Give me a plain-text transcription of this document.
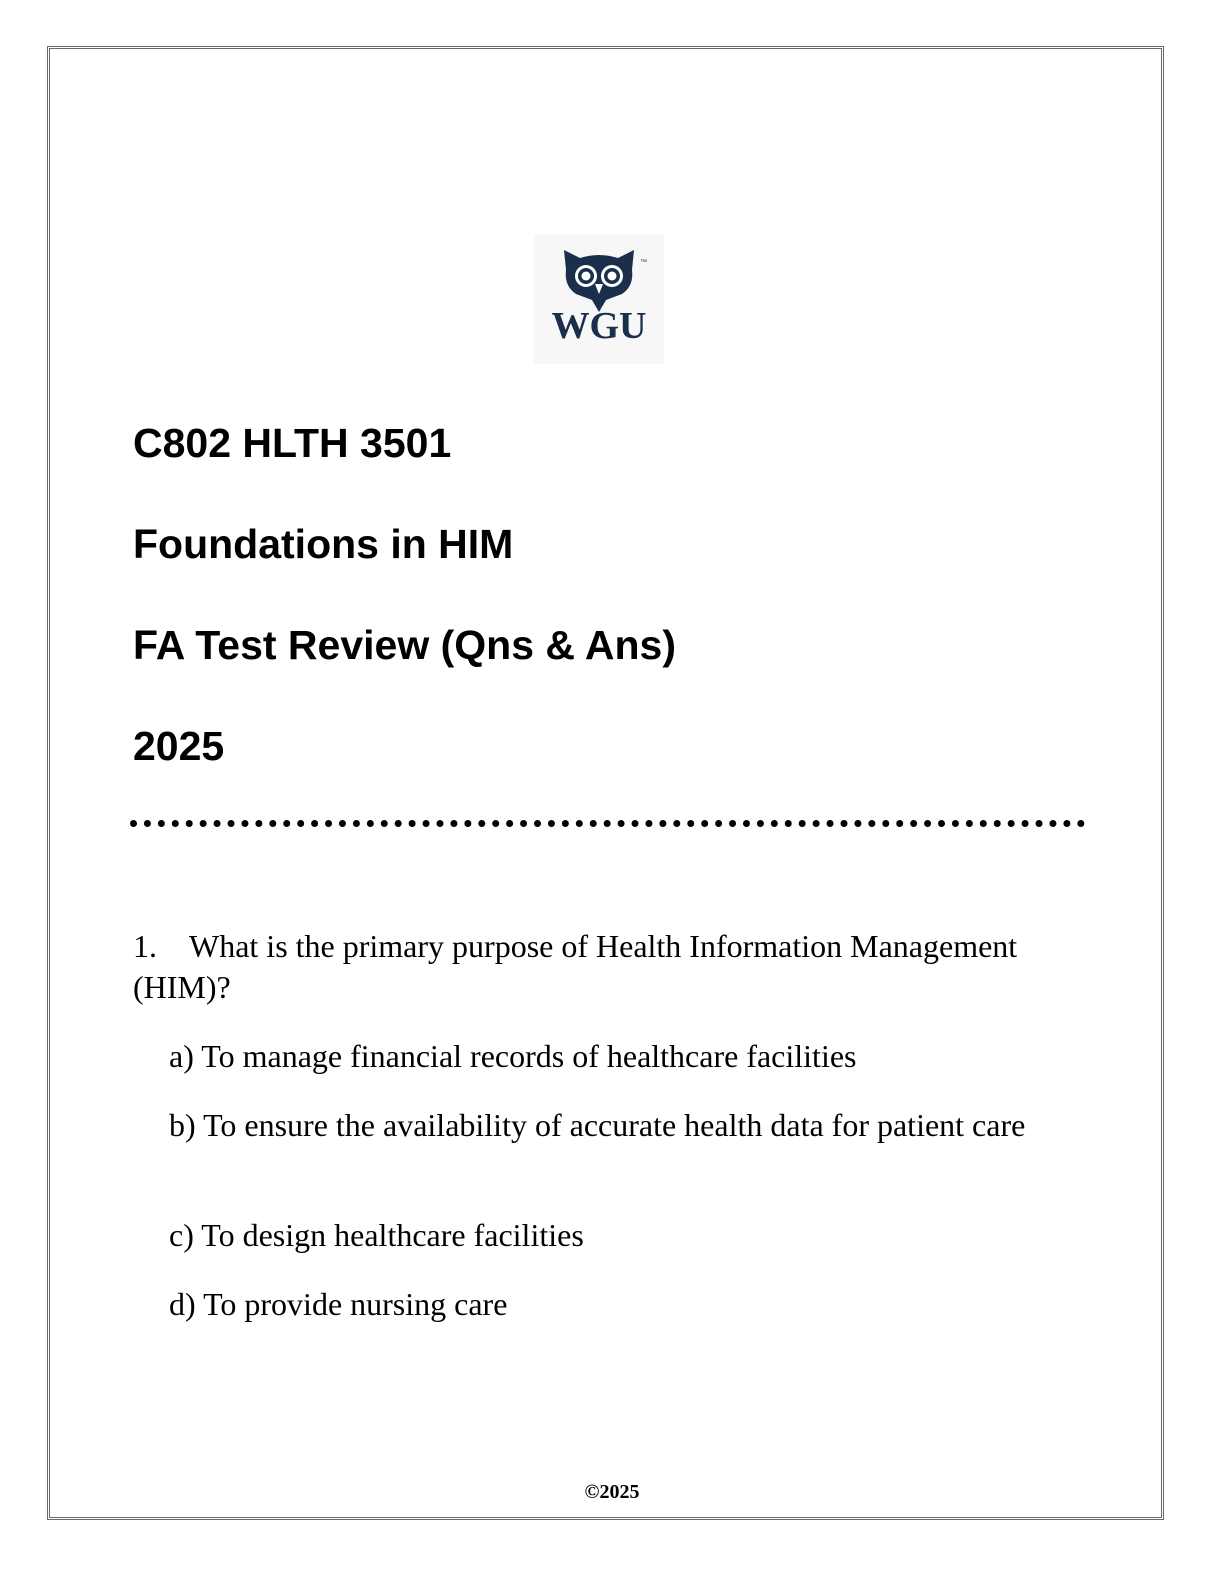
WGU
™
C802 HLTH 3501
Foundations in HIM
FA Test Review (Qns & Ans)
2025

1. What is the primary purpose of Health Information Management (HIM)?

a) To manage financial records of healthcare facilities

b) To ensure the availability of accurate health data for patient care

c) To design healthcare facilities

d) To provide nursing care

©2025
